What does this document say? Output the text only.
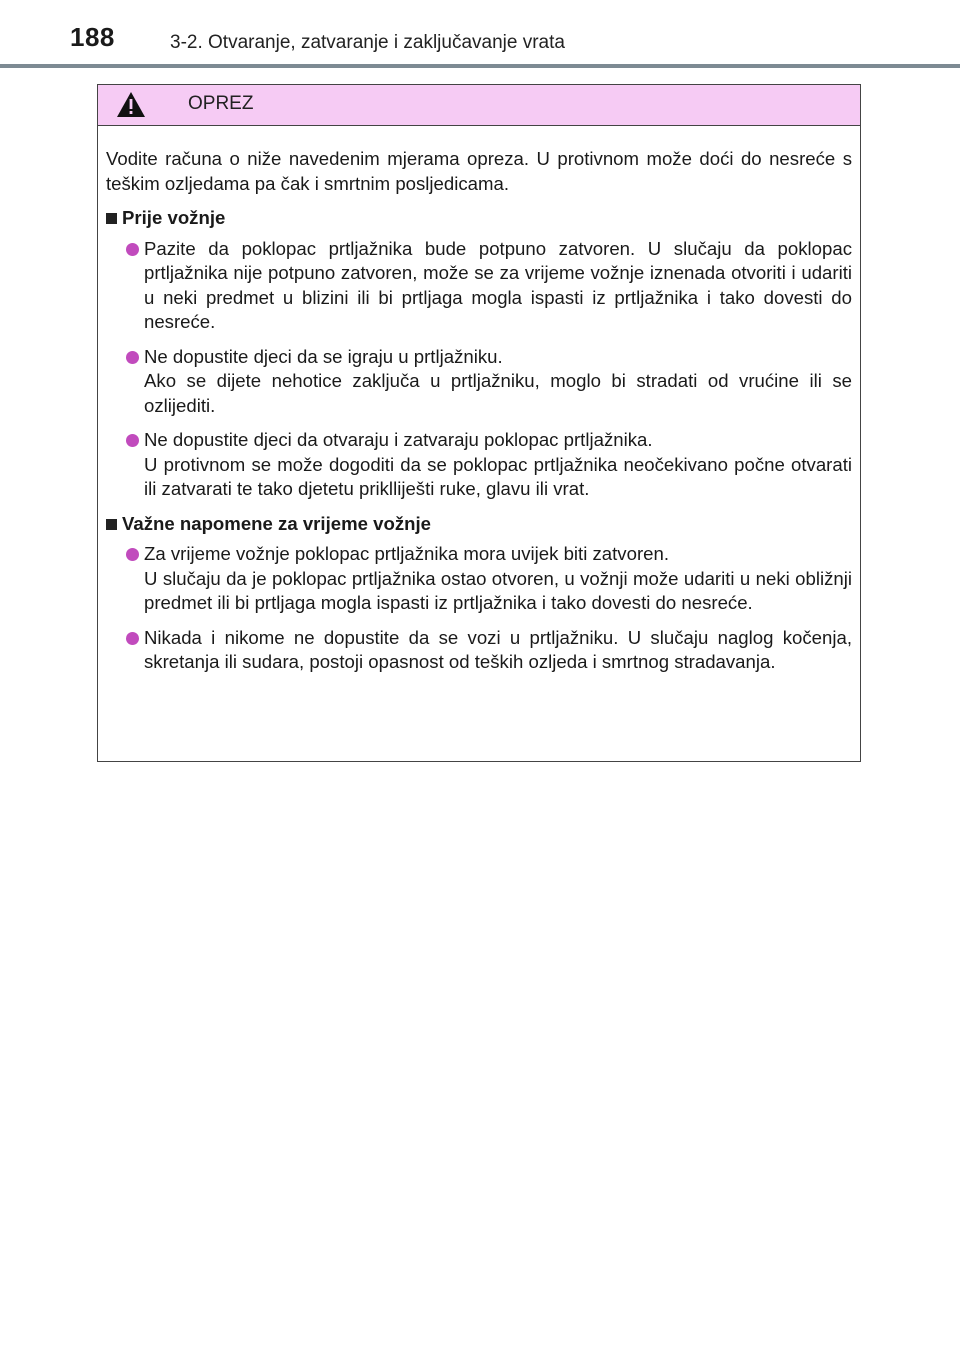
188	3-2. Otvaranje, zatvaranje i zaključavanje vrata
OPREZ

Vodite računa o niže navedenim mjerama opreza. U protivnom može doći do nesreće s teškim ozljedama pa čak i smrtnim posljedicama.

Prije vožnje
Pazite da poklopac prtljažnika bude potpuno zatvoren. U slučaju da poklopac prtljažnika nije potpuno zatvoren, može se za vrijeme vožnje iznenada otvoriti i udariti u neki predmet u blizini ili bi prtljaga mogla ispasti iz prtljažnika i tako dovesti do nesreće.
Ne dopustite djeci da se igraju u prtljažniku.
Ako se dijete nehotice zaključa u prtljažniku, moglo bi stradati od vrućine ili se ozlijediti.
Ne dopustite djeci da otvaraju i zatvaraju poklopac prtljažnika.
U protivnom se može dogoditi da se poklopac prtljažnika neočekivano počne otvarati ili zatvarati te tako djetetu priklliješti ruke, glavu ili vrat.
Važne napomene za vrijeme vožnje
Za vrijeme vožnje poklopac prtljažnika mora uvijek biti zatvoren.
U slučaju da je poklopac prtljažnika ostao otvoren, u vožnji može udariti u neki obližnji predmet ili bi prtljaga mogla ispasti iz prtljažnika i tako dovesti do nesreće.
Nikada i nikome ne dopustite da se vozi u prtljažniku. U slučaju naglog kočenja, skretanja ili sudara, postoji opasnost od teških ozljeda i smrtnog stradavanja.
